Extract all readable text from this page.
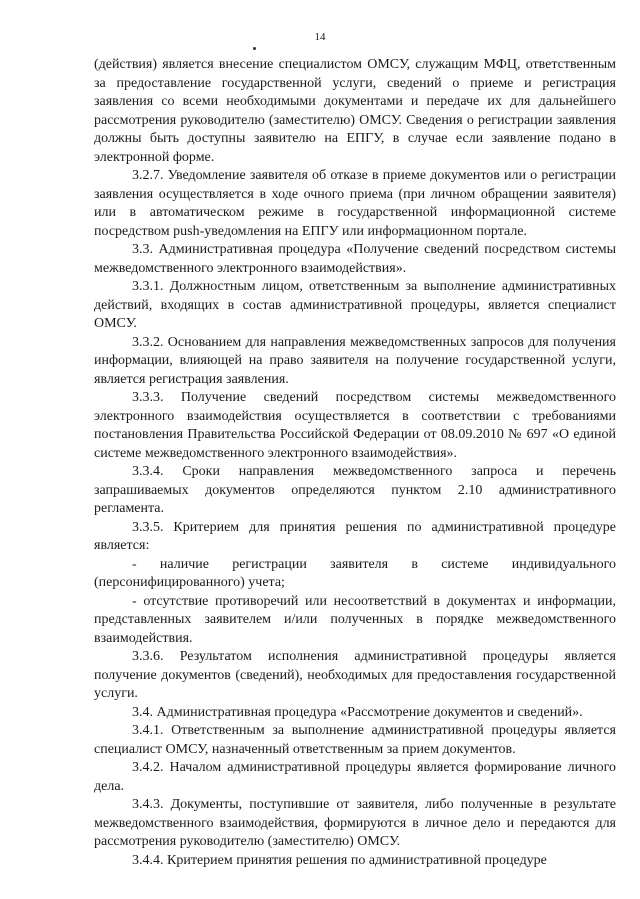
14

(действия) является внесение специалистом ОМСУ, служащим МФЦ, ответственным за предоставление государственной услуги, сведений о приеме и регистрация заявления со всеми необходимыми документами и передаче их для дальнейшего рассмотрения руководителю (заместителю) ОМСУ. Сведения о регистрации заявления должны быть доступны заявителю на ЕПГУ, в случае если заявление подано в электронной форме.

3.2.7. Уведомление заявителя об отказе в приеме документов или о регистрации заявления осуществляется в ходе очного приема (при личном обращении заявителя) или в автоматическом режиме в государственной информационной системе посредством push-уведомления на ЕПГУ или информационном портале.

3.3. Административная процедура «Получение сведений посредством системы межведомственного электронного взаимодействия».

3.3.1. Должностным лицом, ответственным за выполнение административных действий, входящих в состав административной процедуры, является специалист ОМСУ.

3.3.2. Основанием для направления межведомственных запросов для получения информации, влияющей на право заявителя на получение государственной услуги, является регистрация заявления.

3.3.3. Получение сведений посредством системы межведомственного электронного взаимодействия осуществляется в соответствии с требованиями постановления Правительства Российской Федерации от 08.09.2010 № 697 «О единой системе межведомственного электронного взаимодействия».

3.3.4. Сроки направления межведомственного запроса и перечень запрашиваемых документов определяются пунктом 2.10 административного регламента.

3.3.5. Критерием для принятия решения по административной процедуре является:

- наличие регистрации заявителя в системе индивидуального (персонифицированного) учета;

- отсутствие противоречий или несоответствий в документах и информации, представленных заявителем и/или полученных в порядке межведомственного взаимодействия.

3.3.6. Результатом исполнения административной процедуры является получение документов (сведений), необходимых для предоставления государственной услуги.

3.4. Административная процедура «Рассмотрение документов и сведений».

3.4.1. Ответственным за выполнение административной процедуры является специалист ОМСУ, назначенный ответственным за прием документов.

3.4.2. Началом административной процедуры является формирование личного дела.

3.4.3. Документы, поступившие от заявителя, либо полученные в результате межведомственного взаимодействия, формируются в личное дело и передаются для рассмотрения руководителю (заместителю) ОМСУ.

3.4.4. Критерием принятия решения по административной процедуре
